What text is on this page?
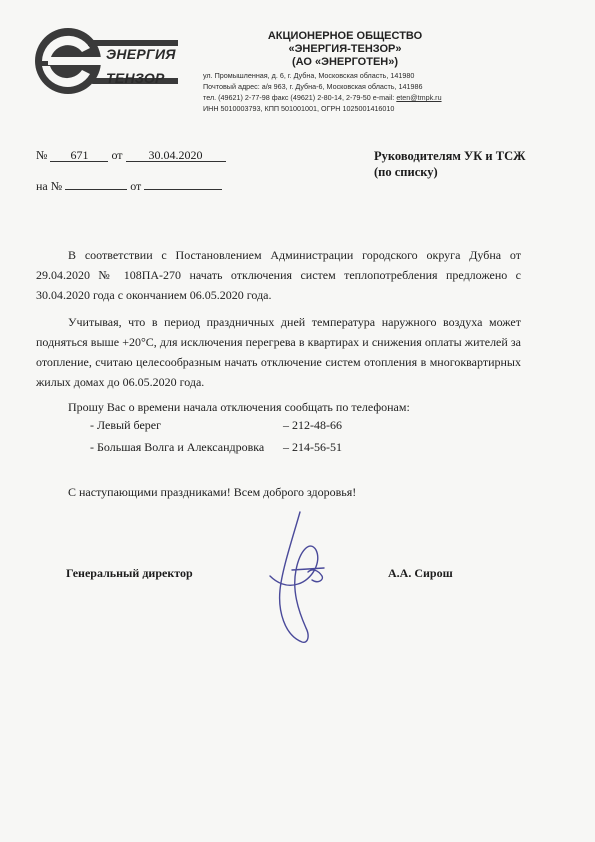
ЭНЕРГИЯ
ТЕНЗОР
АКЦИОНЕРНОЕ ОБЩЕСТВО
«ЭНЕРГИЯ-ТЕНЗОР»
(АО «ЭНЕРГОТЕН»)
ул. Промышленная, д. 6, г. Дубна, Московская область, 141980
Почтовый адрес: а/я 963, г. Дубна-6, Московская область, 141986
тел. (49621) 2-77-98 факс (49621) 2-80-14, 2-79-50 e-mail: eten@tmpk.ru
ИНН 5010003793, КПП 501001001, ОГРН 1025001416010
№ 671 от 30.04.2020
на №	от
Руководителям УК и ТСЖ
(по списку)
В соответствии с Постановлением Администрации городского округа Дубна от 29.04.2020 № 108ПА-270 начать отключения систем теплопотребления предложено с 30.04.2020 года с окончанием 06.05.2020 года.
Учитывая, что в период праздничных дней температура наружного воздуха может подняться выше +20°С, для исключения перегрева в квартирах и снижения оплаты жителей за отопление, считаю целесообразным начать отключение систем отопления в многоквартирных жилых домах до 06.05.2020 года.
Прошу Вас о времени начала отключения сообщать по телефонам:
- Левый берег	– 212-48-66
- Большая Волга и Александровка – 214-56-51
С наступающими праздниками! Всем доброго здоровья!
Генеральный директор	А.А. Сирош
